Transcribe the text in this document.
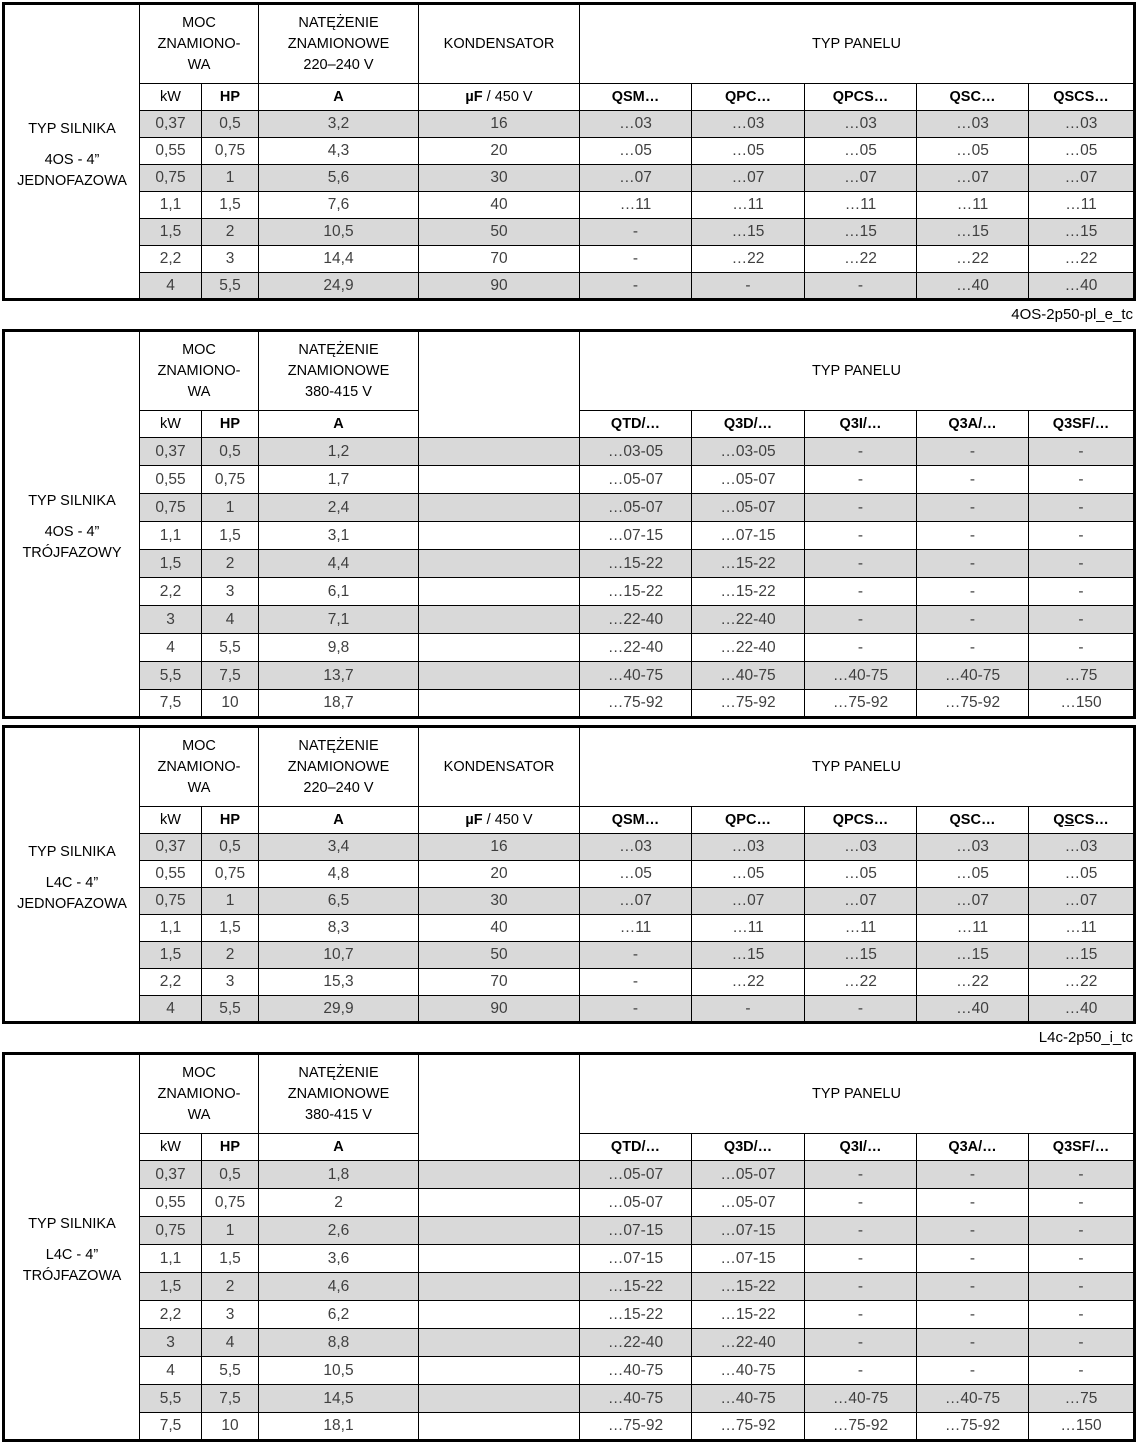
TYP SILNIKA
4OS - 4”
JEDNOFAZOWA

MOC
ZNAMIONO-
WA

NATĘŻENIE
ZNAMIONOWE
220–240 V

KONDENSATOR	TYP PANELU
	kW	HP	A	µF / 450 V	QSM…	QPC…	QPCS…	QSC…	QSCS…
	0,37	0,5	3,2	16	…03	…03	…03	…03	…03
	0,55	0,75	4,3	20	…05	…05	…05	…05	…05
	0,75	1	5,6	30	…07	…07	…07	…07	…07
	1,1	1,5	7,6	40	…11	…11	…11	…11	…11
	1,5	2	10,5	50	-	…15	…15	…15	…15
	2,2	3	14,4	70	-	…22	…22	…22	…22
	4	5,5	24,9	90	-	-	-	…40	…40
4OS-2p50-pl_e_tc
TYP SILNIKA
4OS - 4”
TRÓJFAZOWY

MOC
ZNAMIONO-
WA

NATĘŻENIE
ZNAMIONOWE
380-415 V
		TYP PANELU
	kW	HP	A		QTD/…	Q3D/…	Q3I/…	Q3A/…	Q3SF/…
	0,37	0,5	1,2		…03-05	…03-05	-	-	-
	0,55	0,75	1,7		…05-07	…05-07	-	-	-
	0,75	1	2,4		…05-07	…05-07	-	-	-
	1,1	1,5	3,1		…07-15	…07-15	-	-	-
	1,5	2	4,4		…15-22	…15-22	-	-	-
	2,2	3	6,1		…15-22	…15-22	-	-	-
	3	4	7,1		…22-40	…22-40	-	-	-
	4	5,5	9,8		…22-40	…22-40	-	-	-
	5,5	7,5	13,7		…40-75	…40-75	…40-75	…40-75	…75
	7,5	10	18,7		…75-92	…75-92	…75-92	…75-92	…150
TYP SILNIKA
L4C - 4”
JEDNOFAZOWA

MOC
ZNAMIONO-
WA

NATĘŻENIE
ZNAMIONOWE
220–240 V

KONDENSATOR	TYP PANELU
	kW	HP	A	µF / 450 V	QSM…	QPC…	QPCS…	QSC…	QSCS…
	0,37	0,5	3,4	16	…03	…03	…03	…03	…03
	0,55	0,75	4,8	20	…05	…05	…05	…05	…05
	0,75	1	6,5	30	…07	…07	…07	…07	…07
	1,1	1,5	8,3	40	…11	…11	…11	…11	…11
	1,5	2	10,7	50	-	…15	…15	…15	…15
	2,2	3	15,3	70	-	…22	…22	…22	…22
	4	5,5	29,9	90	-	-	-	…40	…40
L4c-2p50_i_tc
TYP SILNIKA
L4C - 4”
TRÓJFAZOWA

MOC
ZNAMIONO-
WA

NATĘŻENIE
ZNAMIONOWE
380-415 V
		TYP PANELU
	kW	HP	A		QTD/…	Q3D/…	Q3I/…	Q3A/…	Q3SF/…
	0,37	0,5	1,8		…05-07	…05-07	-	-	-
	0,55	0,75	2		…05-07	…05-07	-	-	-
	0,75	1	2,6		…07-15	…07-15	-	-	-
	1,1	1,5	3,6		…07-15	…07-15	-	-	-
	1,5	2	4,6		…15-22	…15-22	-	-	-
	2,2	3	6,2		…15-22	…15-22	-	-	-
	3	4	8,8		…22-40	…22-40	-	-	-
	4	5,5	10,5		…40-75	…40-75	-	-	-
	5,5	7,5	14,5		…40-75	…40-75	…40-75	…40-75	…75
	7,5	10	18,1		…75-92	…75-92	…75-92	…75-92	…150
